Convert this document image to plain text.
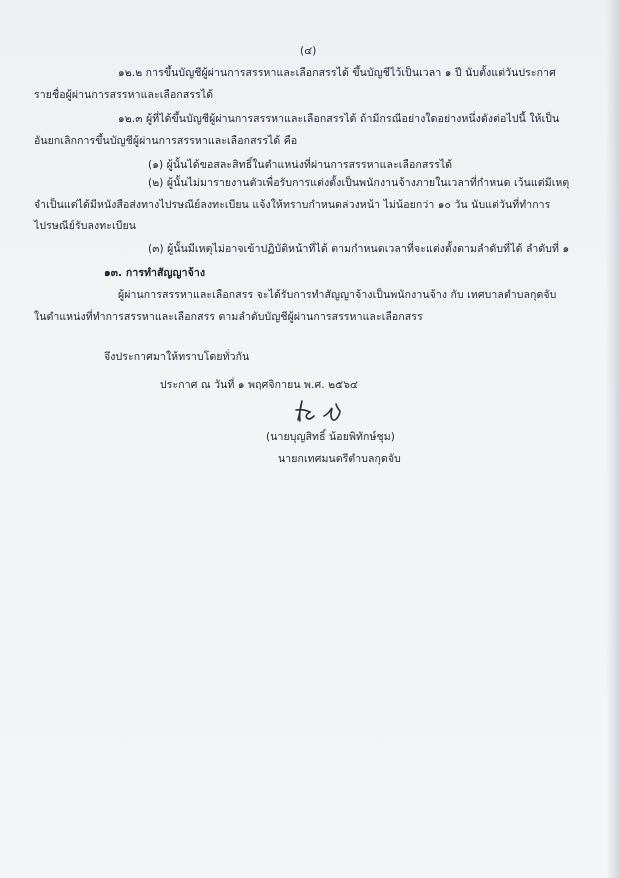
(๔)
๑๒.๒ การขึ้นบัญชีผู้ผ่านการสรรหาและเลือกสรรได้ ขึ้นบัญชีไว้เป็นเวลา ๑ ปี นับตั้งแต่วันประกาศ
รายชื่อผู้ผ่านการสรรหาและเลือกสรรได้
๑๒.๓ ผู้ที่ได้ขึ้นบัญชีผู้ผ่านการสรรหาและเลือกสรรได้ ถ้ามีกรณีอย่างใดอย่างหนึ่งดังต่อไปนี้ ให้เป็น
อันยกเลิกการขึ้นบัญชีผู้ผ่านการสรรหาและเลือกสรรได้ คือ
(๑) ผู้นั้นได้ขอสละสิทธิ์ในตำแหน่งที่ผ่านการสรรหาและเลือกสรรได้
(๒) ผู้นั้นไม่มารายงานตัวเพื่อรับการแต่งตั้งเป็นพนักงานจ้างภายในเวลาที่กำหนด เว้นแต่มีเหตุ
จำเป็นแต่ได้มีหนังสือส่งทางไปรษณีย์ลงทะเบียน แจ้งให้ทราบกำหนดล่วงหน้า ไม่น้อยกว่า ๑๐ วัน นับแต่วันที่ทำการ
ไปรษณีย์รับลงทะเบียน
(๓) ผู้นั้นมีเหตุไม่อาจเข้าปฏิบัติหน้าที่ได้ ตามกำหนดเวลาที่จะแต่งตั้งตามลำดับที่ได้ ลำดับที่ ๑
๑๓. การทำสัญญาจ้าง
ผู้ผ่านการสรรหาและเลือกสรร จะได้รับการทำสัญญาจ้างเป็นพนักงานจ้าง กับ เทศบาลตำบลกุดจับ
ในตำแหน่งที่ทำการสรรหาและเลือกสรร ตามลำดับบัญชีผู้ผ่านการสรรหาและเลือกสรร
จึงประกาศมาให้ทราบโดยทั่วกัน
ประกาศ ณ วันที่ ๑ พฤศจิกายน พ.ศ. ๒๕๖๔
(นายบุญสิทธิ์ น้อยพิทักษ์ชุม)
นายกเทศมนตรีตำบลกุดจับ
